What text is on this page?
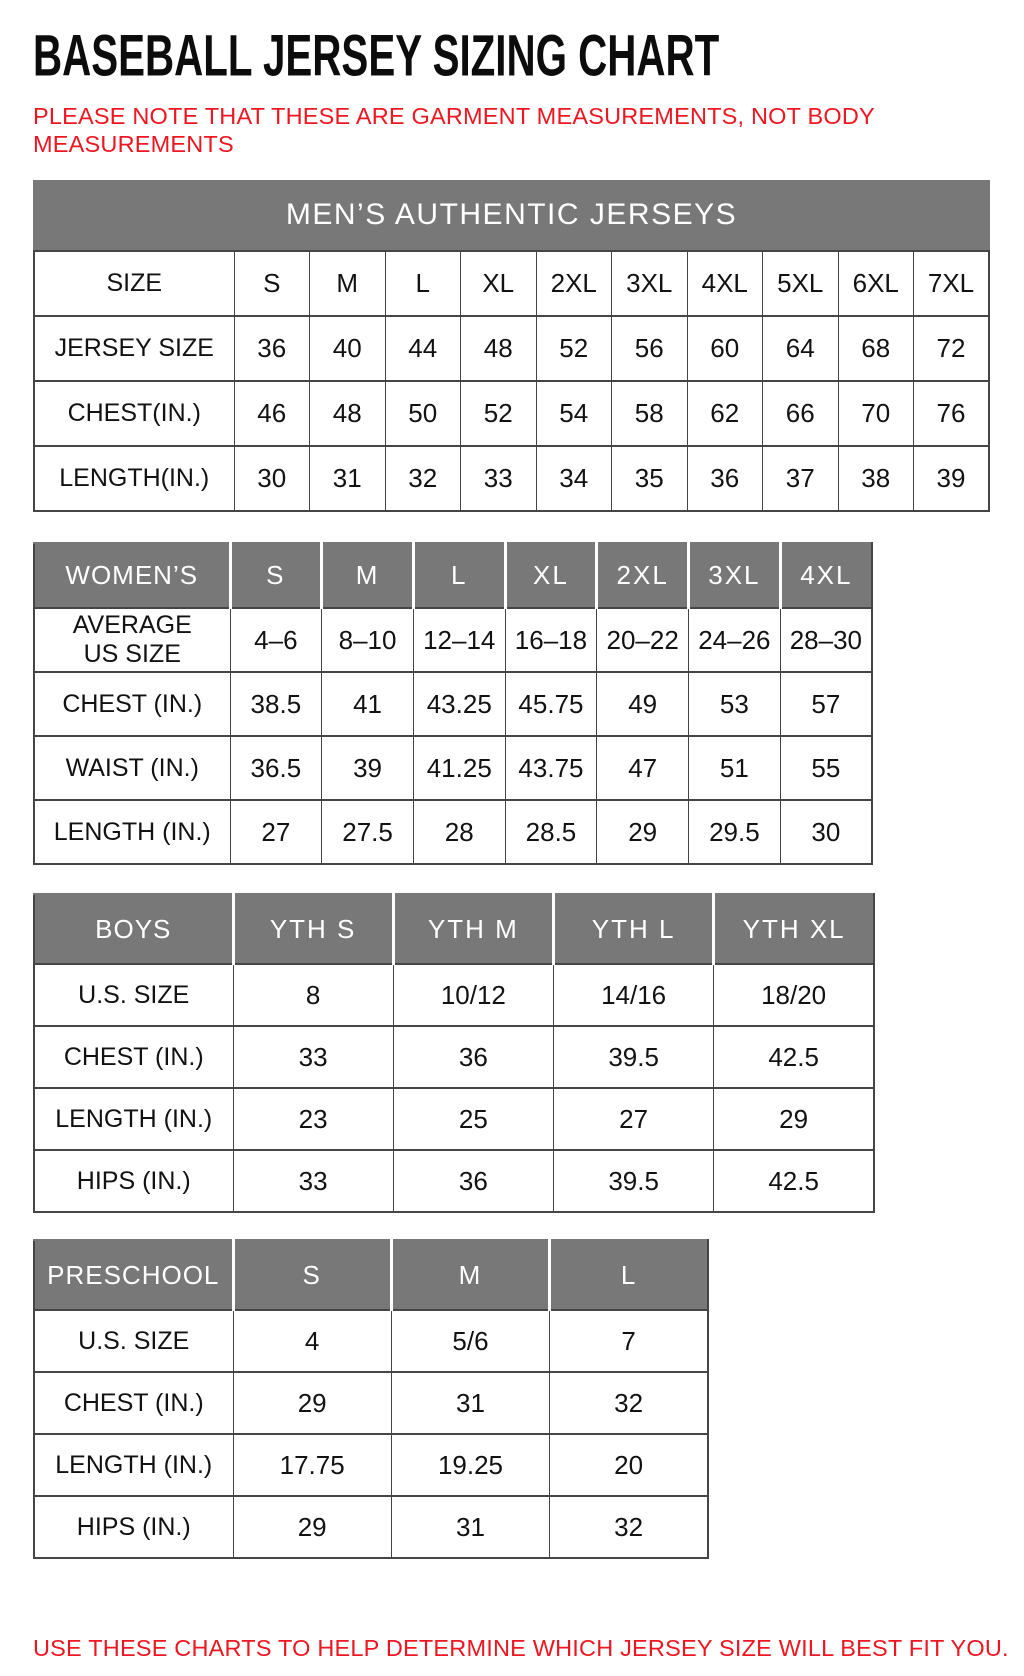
BASEBALL JERSEY SIZING CHART

PLEASE NOTE THAT THESE ARE GARMENT MEASUREMENTS, NOT BODY MEASUREMENTS

MEN’S AUTHENTIC JERSEYS
SIZE	S	M	L	XL	2XL	3XL	4XL	5XL	6XL	7XL
JERSEY SIZE	36	40	44	48	52	56	60	64	68	72
CHEST(IN.)	46	48	50	52	54	58	62	66	70	76
LENGTH(IN.)	30	31	32	33	34	35	36	37	38	39
WOMEN’S	S	M	L	XL	2XL	3XL	4XL
AVERAGE US SIZE	4–6	8–10	12–14	16–18	20–22	24–26	28–30
CHEST (IN.)	38.5	41	43.25	45.75	49	53	57
WAIST (IN.)	36.5	39	41.25	43.75	47	51	55
LENGTH (IN.)	27	27.5	28	28.5	29	29.5	30
BOYS	YTH S	YTH M	YTH L	YTH XL
U.S. SIZE	8	10/12	14/16	18/20
CHEST (IN.)	33	36	39.5	42.5
LENGTH (IN.)	23	25	27	29
HIPS (IN.)	33	36	39.5	42.5
PRESCHOOL	S	M	L
U.S. SIZE	4	5/6	7
CHEST (IN.)	29	31	32
LENGTH (IN.)	17.75	19.25	20
HIPS (IN.)	29	31	32

USE THESE CHARTS TO HELP DETERMINE WHICH JERSEY SIZE WILL BEST FIT YOU.
